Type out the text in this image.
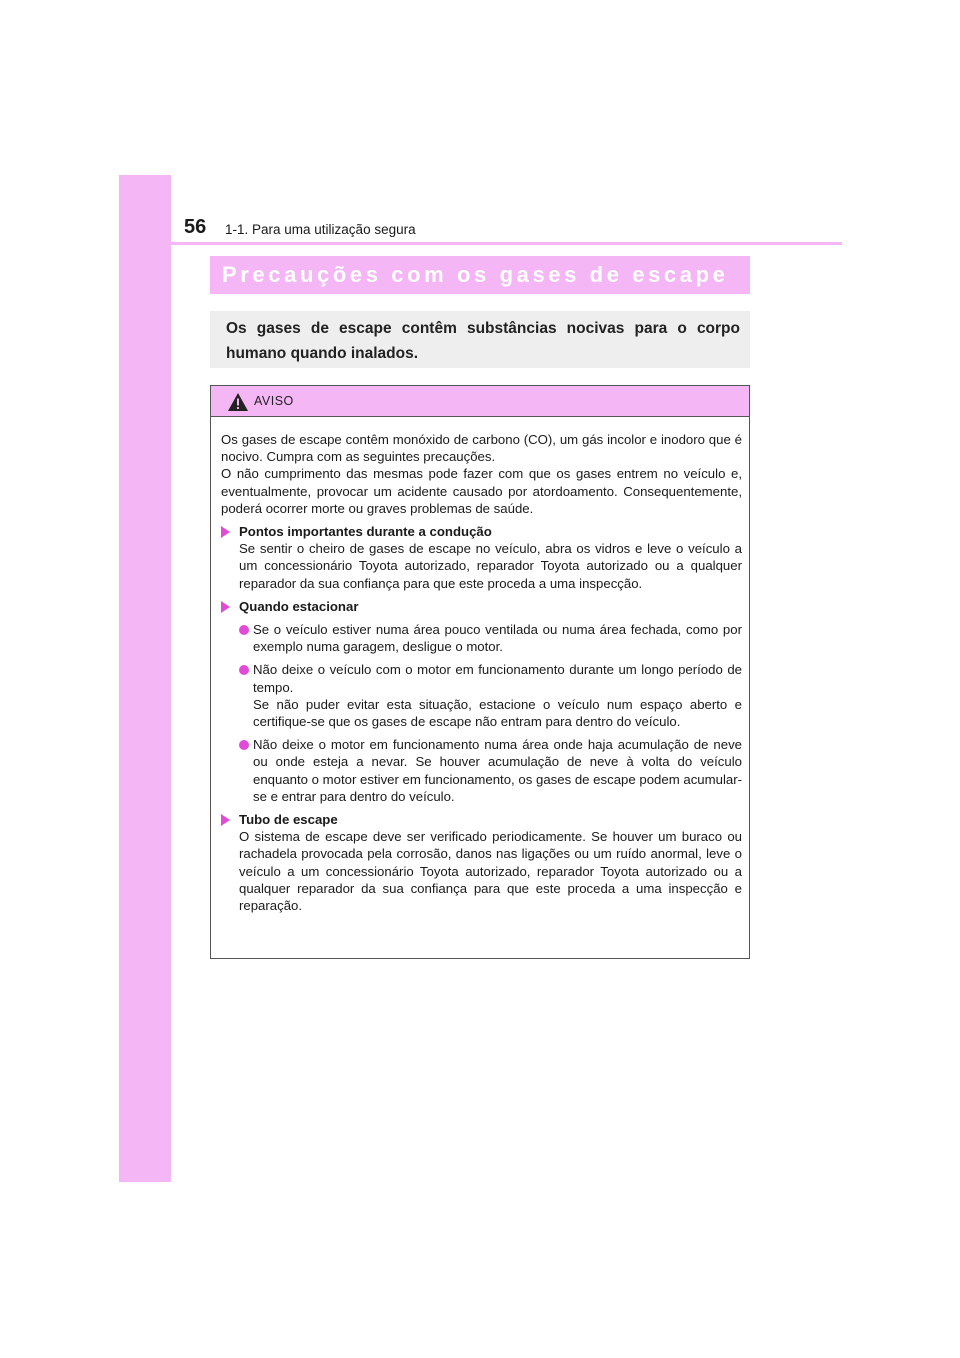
56 1-1. Para uma utilização segura
Precauções com os gases de escape
Os gases de escape contêm substâncias nocivas para o corpo humano quando inalados.
AVISO

Os gases de escape contêm monóxido de carbono (CO), um gás incolor e inodoro que é nocivo. Cumpra com as seguintes precauções.

O não cumprimento das mesmas pode fazer com que os gases entrem no veículo e, eventualmente, provocar um acidente causado por atordoamento. Consequentemente, poderá ocorrer morte ou graves problemas de saúde.

Pontos importantes durante a condução

Se sentir o cheiro de gases de escape no veículo, abra os vidros e leve o veículo a um concessionário Toyota autorizado, reparador Toyota autorizado ou a qualquer reparador da sua confiança para que este proceda a uma inspecção.

Quando estacionar
Se o veículo estiver numa área pouco ventilada ou numa área fechada, como por exemplo numa garagem, desligue o motor.
Não deixe o veículo com o motor em funcionamento durante um longo período de tempo.
Se não puder evitar esta situação, estacione o veículo num espaço aberto e certifique-se que os gases de escape não entram para dentro do veículo.
Não deixe o motor em funcionamento numa área onde haja acumulação de neve ou onde esteja a nevar. Se houver acumulação de neve à volta do veículo enquanto o motor estiver em funcionamento, os gases de escape podem acumular-se e entrar para dentro do veículo.
Tubo de escape

O sistema de escape deve ser verificado periodicamente. Se houver um buraco ou rachadela provocada pela corrosão, danos nas ligações ou um ruído anormal, leve o veículo a um concessionário Toyota autorizado, reparador Toyota autorizado ou a qualquer reparador da sua confiança para que este proceda a uma inspecção e reparação.
